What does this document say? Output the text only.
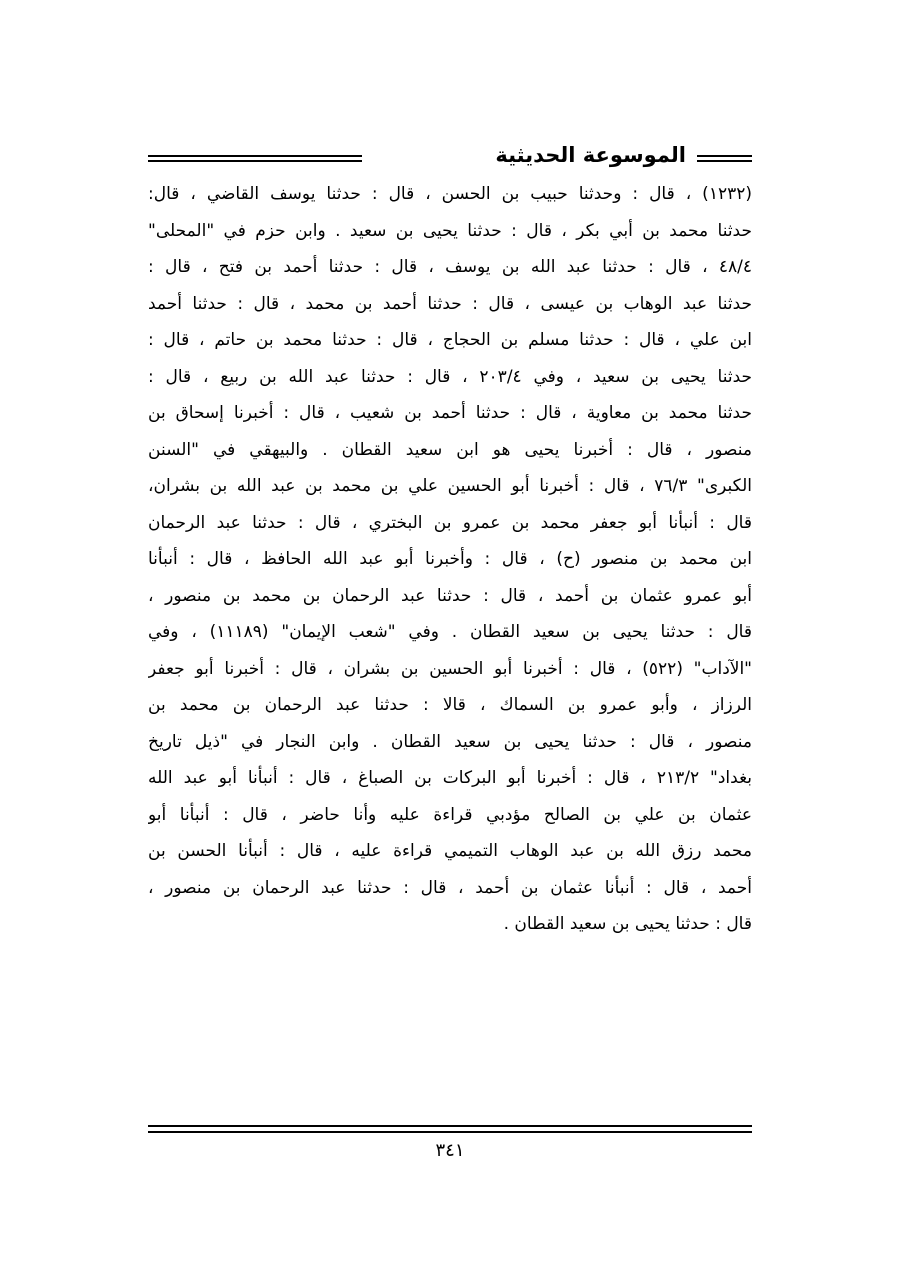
الموسوعة الحديثية
(١٢٣٢) ، قال : وحدثنا حبيب بن الحسن ، قال : حدثنا يوسف القاضي ، قال:
حدثنا محمد بن أبي بكر ، قال : حدثنا يحيى بن سعيد . وابن حزم في "المحلى"
٤٨/٤ ، قال : حدثنا عبد الله بن يوسف ، قال : حدثنا أحمد بن فتح ، قال :
حدثنا عبد الوهاب بن عيسى ، قال : حدثنا أحمد بن محمد ، قال : حدثنا أحمد
ابن علي ، قال : حدثنا مسلم بن الحجاج ، قال : حدثنا محمد بن حاتم ، قال :
حدثنا يحيى بن سعيد ، وفي ٢٠٣/٤ ، قال : حدثنا عبد الله بن ربيع ، قال :
حدثنا محمد بن معاوية ، قال : حدثنا أحمد بن شعيب ، قال : أخبرنا إسحاق بن
منصور ، قال : أخبرنا يحيى هو ابن سعيد القطان . والبيهقي في "السنن
الكبرى" ٧٦/٣ ، قال : أخبرنا أبو الحسين علي بن محمد بن عبد الله بن بشران،
قال : أنبأنا أبو جعفر محمد بن عمرو بن البختري ، قال : حدثنا عبد الرحمان
ابن محمد بن منصور (ح) ، قال : وأخبرنا أبو عبد الله الحافظ ، قال : أنبأنا
أبو عمرو عثمان بن أحمد ، قال : حدثنا عبد الرحمان بن محمد بن منصور ،
قال : حدثنا يحيى بن سعيد القطان . وفي "شعب الإيمان" (١١١٨٩) ، وفي
"الآداب" (٥٢٢) ، قال : أخبرنا أبو الحسين بن بشران ، قال : أخبرنا أبو جعفر
الرزاز ، وأبو عمرو بن السماك ، قالا : حدثنا عبد الرحمان بن محمد بن
منصور ، قال : حدثنا يحيى بن سعيد القطان . وابن النجار في "ذيل تاريخ
بغداد" ٢١٣/٢ ، قال : أخبرنا أبو البركات بن الصباغ ، قال : أنبأنا أبو عبد الله
عثمان بن علي بن الصالح مؤدبي قراءة عليه وأنا حاضر ، قال : أنبأنا أبو
محمد رزق الله بن عبد الوهاب التميمي قراءة عليه ، قال : أنبأنا الحسن بن
أحمد ، قال : أنبأنا عثمان بن أحمد ، قال : حدثنا عبد الرحمان بن منصور ،
قال : حدثنا يحيى بن سعيد القطان .
٣٤١
